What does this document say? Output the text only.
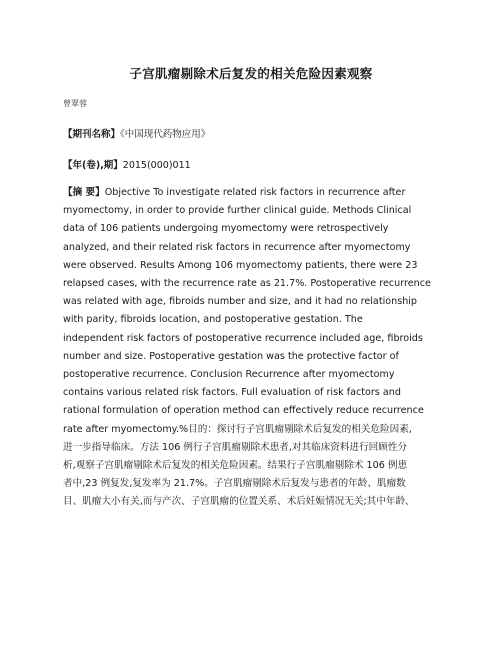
子宫肌瘤剔除术后复发的相关危险因素观察
曾翠蓉
【期刊名称】《中国现代药物应用》
【年(卷),期】2015(000)011
【摘 要】Objective To investigate related risk factors in recurrence after
myomectomy, in order to provide further clinical guide. Methods Clinical
data of 106 patients undergoing myomectomy were retrospectively
analyzed, and their related risk factors in recurrence after myomectomy
were observed. Results Among 106 myomectomy patients, there were 23
relapsed cases, with the recurrence rate as 21.7%. Postoperative recurrence
was related with age, fibroids number and size, and it had no relationship
with parity, fibroids location, and postoperative gestation. The
independent risk factors of postoperative recurrence included age, fibroids
number and size. Postoperative gestation was the protective factor of
postoperative recurrence. Conclusion Recurrence after myomectomy
contains various related risk factors. Full evaluation of risk factors and
rational formulation of operation method can effectively reduce recurrence
rate after myomectomy.%目的：探讨行子宫肌瘤剔除术后复发的相关危险因素,
进一步指导临床。方法 106 例行子宫肌瘤剔除术患者,对其临床资料进行回顾性分
析,观察子宫肌瘤剔除术后复发的相关危险因素。结果行子宫肌瘤剔除术 106 例患
者中,23 例复发,复发率为 21.7%。子宫肌瘤剔除术后复发与患者的年龄、肌瘤数
目、肌瘤大小有关,而与产次、子宫肌瘤的位置关系、术后妊娠情况无关;其中年龄、
